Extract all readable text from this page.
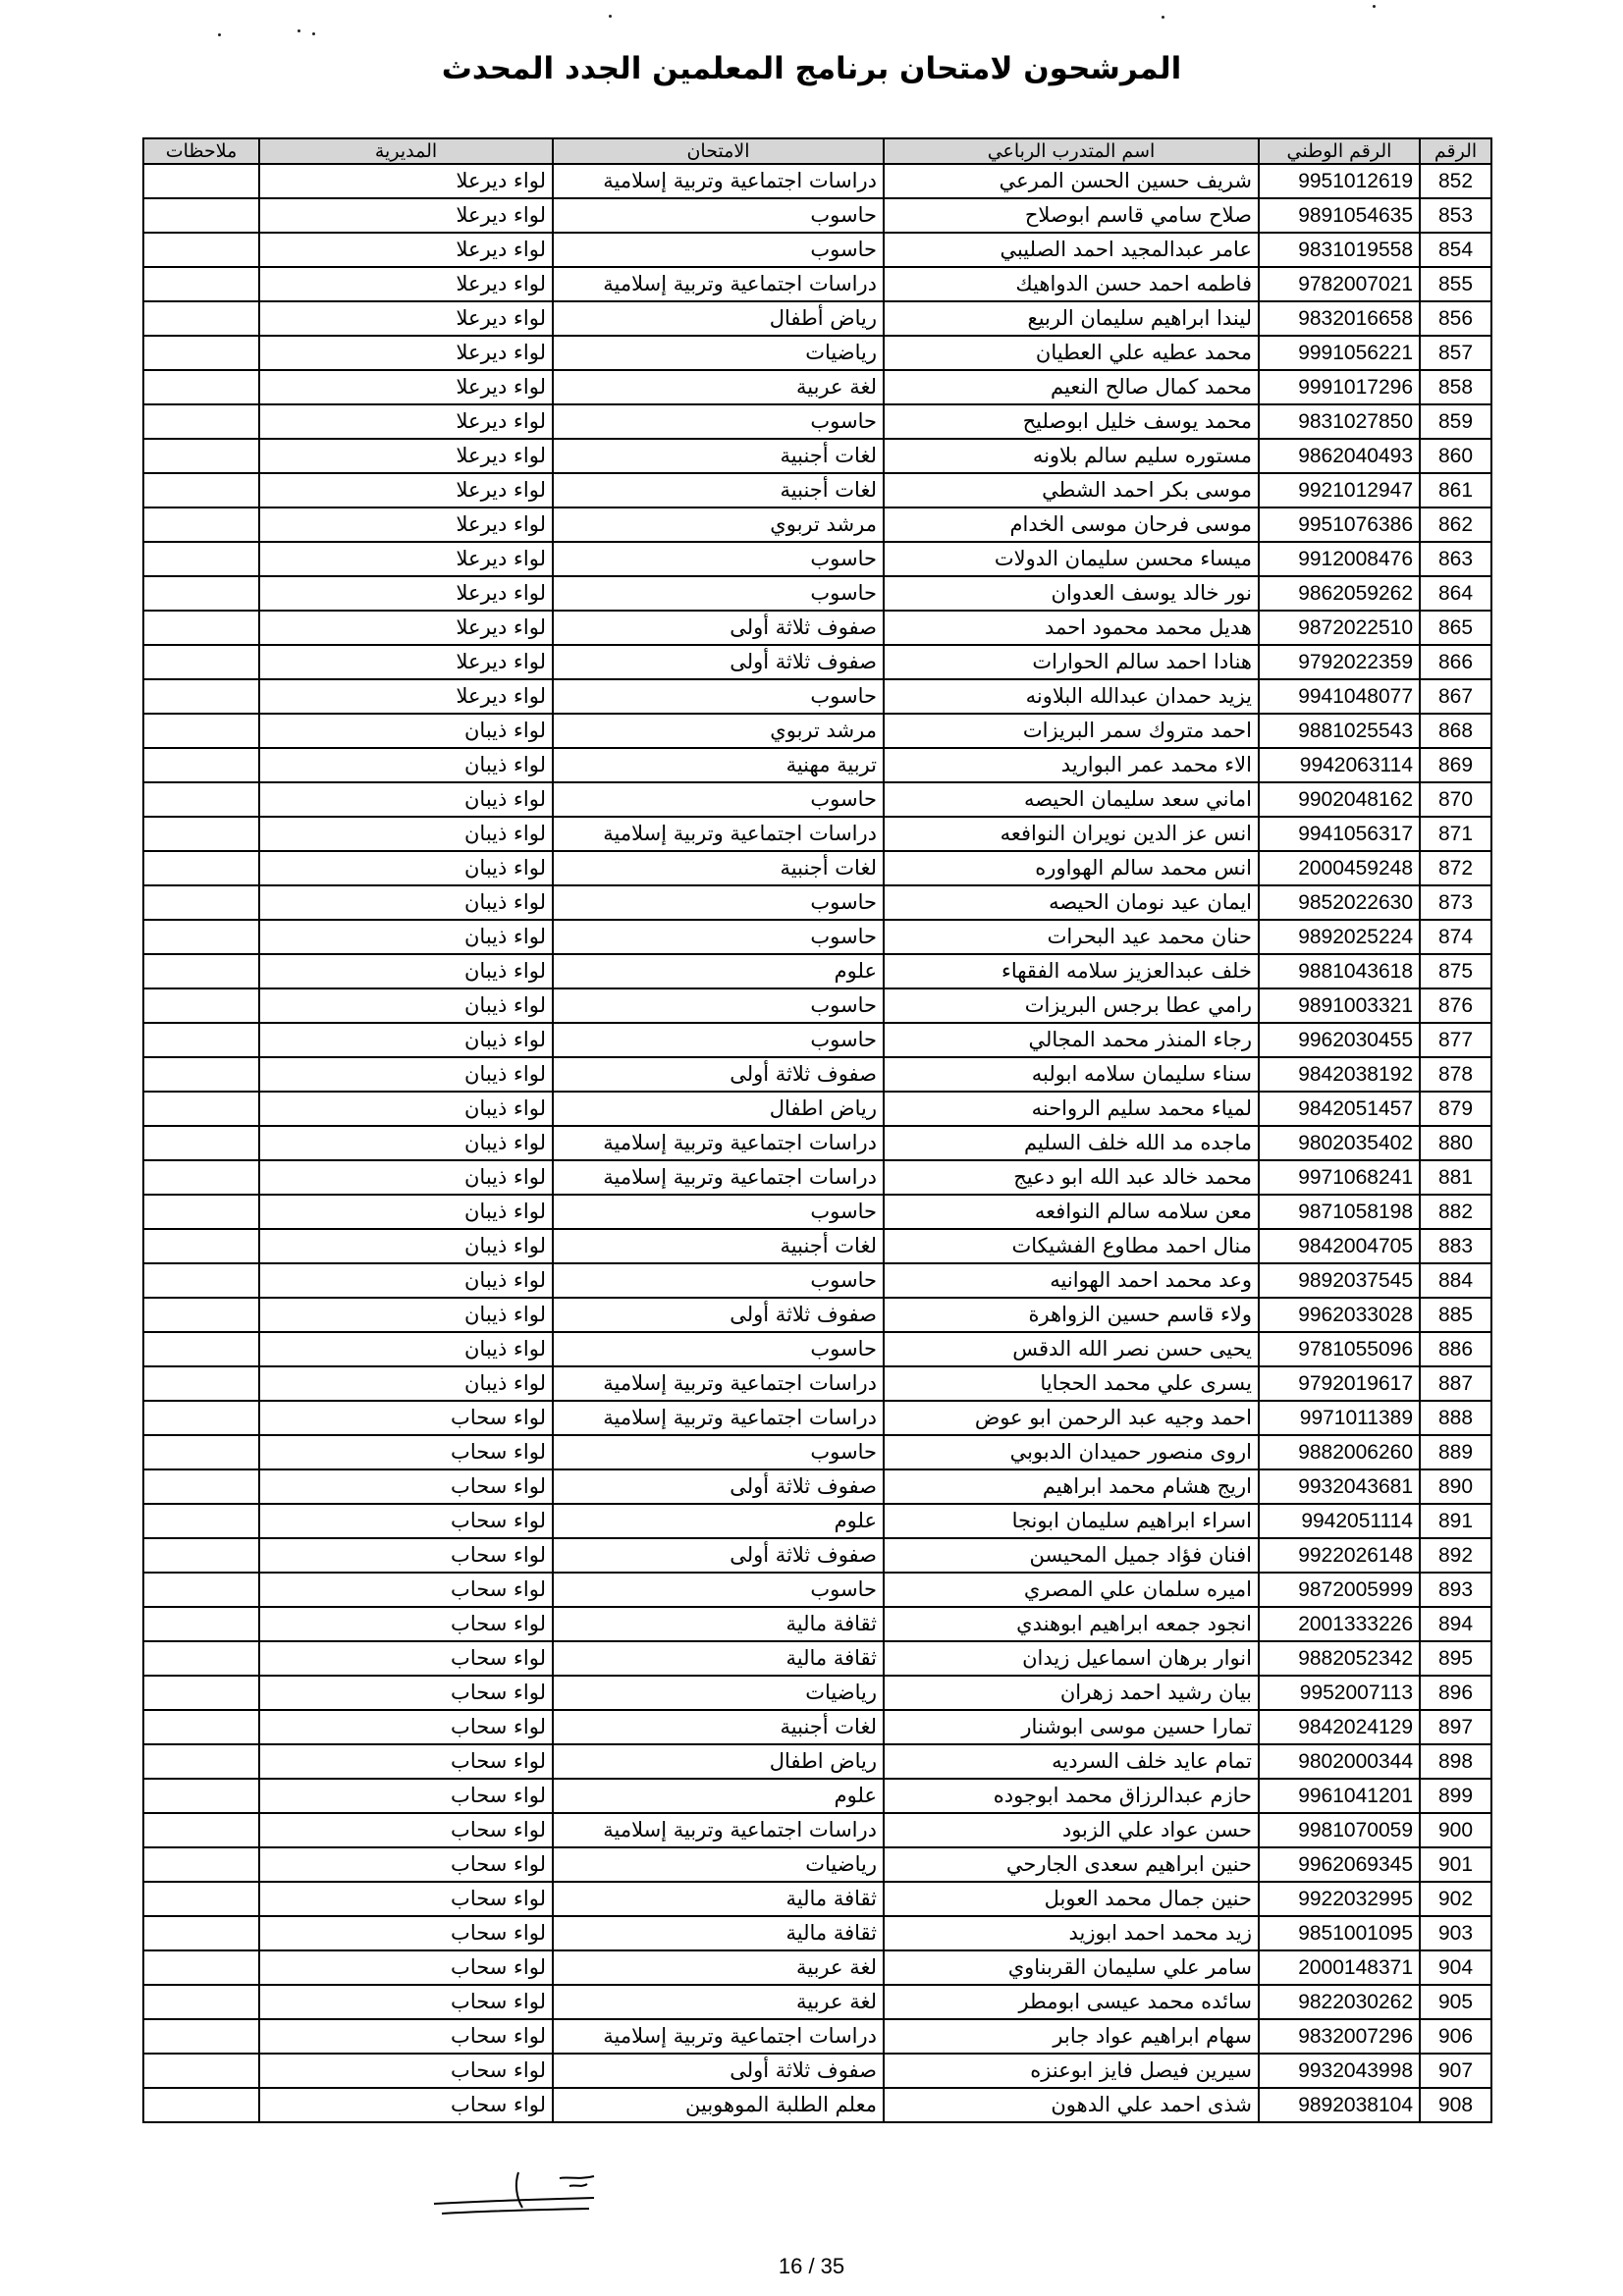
المرشحون لامتحان برنامج المعلمين الجدد المحدث
الرقم	الرقم الوطني	اسم المتدرب الرباعي	الامتحان	المديرية	ملاحظات
852	9951012619	شريف حسين الحسن المرعي	دراسات اجتماعية وتربية إسلامية	لواء ديرعلا	
853	9891054635	صلاح سامي قاسم ابوصلاح	حاسوب	لواء ديرعلا	
854	9831019558	عامر عبدالمجيد احمد الصليبي	حاسوب	لواء ديرعلا	
855	9782007021	فاطمه احمد حسن الدواهيك	دراسات اجتماعية وتربية إسلامية	لواء ديرعلا	
856	9832016658	ليندا ابراهيم سليمان الربيع	رياض أطفال	لواء ديرعلا	
857	9991056221	محمد عطيه علي العطيان	رياضيات	لواء ديرعلا	
858	9991017296	محمد كمال صالح النعيم	لغة عربية	لواء ديرعلا	
859	9831027850	محمد يوسف خليل ابوصليح	حاسوب	لواء ديرعلا	
860	9862040493	مستوره سليم سالم بلاونه	لغات أجنبية	لواء ديرعلا	
861	9921012947	موسى بكر احمد الشطي	لغات أجنبية	لواء ديرعلا	
862	9951076386	موسى فرحان موسى الخدام	مرشد تربوي	لواء ديرعلا	
863	9912008476	ميساء محسن سليمان الدولات	حاسوب	لواء ديرعلا	
864	9862059262	نور خالد يوسف العدوان	حاسوب	لواء ديرعلا	
865	9872022510	هديل محمد محمود احمد	صفوف ثلاثة أولى	لواء ديرعلا	
866	9792022359	هنادا احمد سالم الحوارات	صفوف ثلاثة أولى	لواء ديرعلا	
867	9941048077	يزيد حمدان عبدالله البلاونه	حاسوب	لواء ديرعلا	
868	9881025543	احمد متروك سمر البريزات	مرشد تربوي	لواء ذيبان	
869	9942063114	الاء محمد عمر البواريد	تربية مهنية	لواء ذيبان	
870	9902048162	اماني سعد سليمان الحيصه	حاسوب	لواء ذيبان	
871	9941056317	انس عز الدين نويران النوافعه	دراسات اجتماعية وتربية إسلامية	لواء ذيبان	
872	2000459248	انس محمد سالم الهواوره	لغات أجنبية	لواء ذيبان	
873	9852022630	ايمان عيد نومان الحيصه	حاسوب	لواء ذيبان	
874	9892025224	حنان محمد عيد البحرات	حاسوب	لواء ذيبان	
875	9881043618	خلف عبدالعزيز سلامه الفقهاء	علوم	لواء ذيبان	
876	9891003321	رامي عطا برجس البريزات	حاسوب	لواء ذيبان	
877	9962030455	رجاء المنذر محمد المجالي	حاسوب	لواء ذيبان	
878	9842038192	سناء سليمان سلامه ابولبه	صفوف ثلاثة أولى	لواء ذيبان	
879	9842051457	لمياء محمد سليم الرواحنه	رياض اطفال	لواء ذيبان	
880	9802035402	ماجده مد الله خلف السليم	دراسات اجتماعية وتربية إسلامية	لواء ذيبان	
881	9971068241	محمد خالد عبد الله ابو دعيج	دراسات اجتماعية وتربية إسلامية	لواء ذيبان	
882	9871058198	معن سلامه سالم النوافعه	حاسوب	لواء ذيبان	
883	9842004705	منال احمد مطاوع الفشيكات	لغات أجنبية	لواء ذيبان	
884	9892037545	وعد محمد احمد الهوانيه	حاسوب	لواء ذيبان	
885	9962033028	ولاء قاسم حسين الزواهرة	صفوف ثلاثة أولى	لواء ذيبان	
886	9781055096	يحيى حسن نصر الله الدقس	حاسوب	لواء ذيبان	
887	9792019617	يسرى علي محمد الحجايا	دراسات اجتماعية وتربية إسلامية	لواء ذيبان	
888	9971011389	احمد وجيه عبد الرحمن ابو عوض	دراسات اجتماعية وتربية إسلامية	لواء سحاب	
889	9882006260	اروى منصور حميدان الدبوبي	حاسوب	لواء سحاب	
890	9932043681	اريج هشام محمد ابراهيم	صفوف ثلاثة أولى	لواء سحاب	
891	9942051114	اسراء ابراهيم سليمان ابونجا	علوم	لواء سحاب	
892	9922026148	افنان فؤاد جميل المحيسن	صفوف ثلاثة أولى	لواء سحاب	
893	9872005999	اميره سلمان علي المصري	حاسوب	لواء سحاب	
894	2001333226	انجود جمعه ابراهيم ابوهندي	ثقافة مالية	لواء سحاب	
895	9882052342	انوار برهان اسماعيل زيدان	ثقافة مالية	لواء سحاب	
896	9952007113	بيان رشيد احمد زهران	رياضيات	لواء سحاب	
897	9842024129	تمارا حسين موسى ابوشنار	لغات أجنبية	لواء سحاب	
898	9802000344	تمام عايد خلف السرديه	رياض اطفال	لواء سحاب	
899	9961041201	حازم عبدالرزاق محمد ابوجوده	علوم	لواء سحاب	
900	9981070059	حسن عواد علي الزبود	دراسات اجتماعية وتربية إسلامية	لواء سحاب	
901	9962069345	حنين ابراهيم سعدى الجارحي	رياضيات	لواء سحاب	
902	9922032995	حنين جمال محمد العوبل	ثقافة مالية	لواء سحاب	
903	9851001095	زيد محمد احمد ابوزيد	ثقافة مالية	لواء سحاب	
904	2000148371	سامر علي سليمان القربناوي	لغة عربية	لواء سحاب	
905	9822030262	سائده محمد عيسى ابومطر	لغة عربية	لواء سحاب	
906	9832007296	سهام ابراهيم عواد جابر	دراسات اجتماعية وتربية إسلامية	لواء سحاب	
907	9932043998	سيرين فيصل فايز ابوعنزه	صفوف ثلاثة أولى	لواء سحاب	
908	9892038104	شذى احمد علي الدهون	معلم الطلبة الموهوبين	لواء سحاب	
16 / 35
